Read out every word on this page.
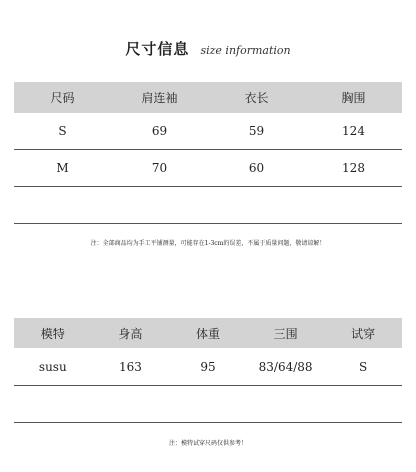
尺寸信息 size information
尺码	肩连袖	衣长	胸围
S	69	59	124
M	70	60	128
注：全部商品均为手工平铺测量，可能存在1-3cm的误差，不属于质量问题，敬请谅解！
模特	身高	体重	三围	试穿
susu	163	95	83/64/88	S
注：模特试穿尺码仅供参考！
